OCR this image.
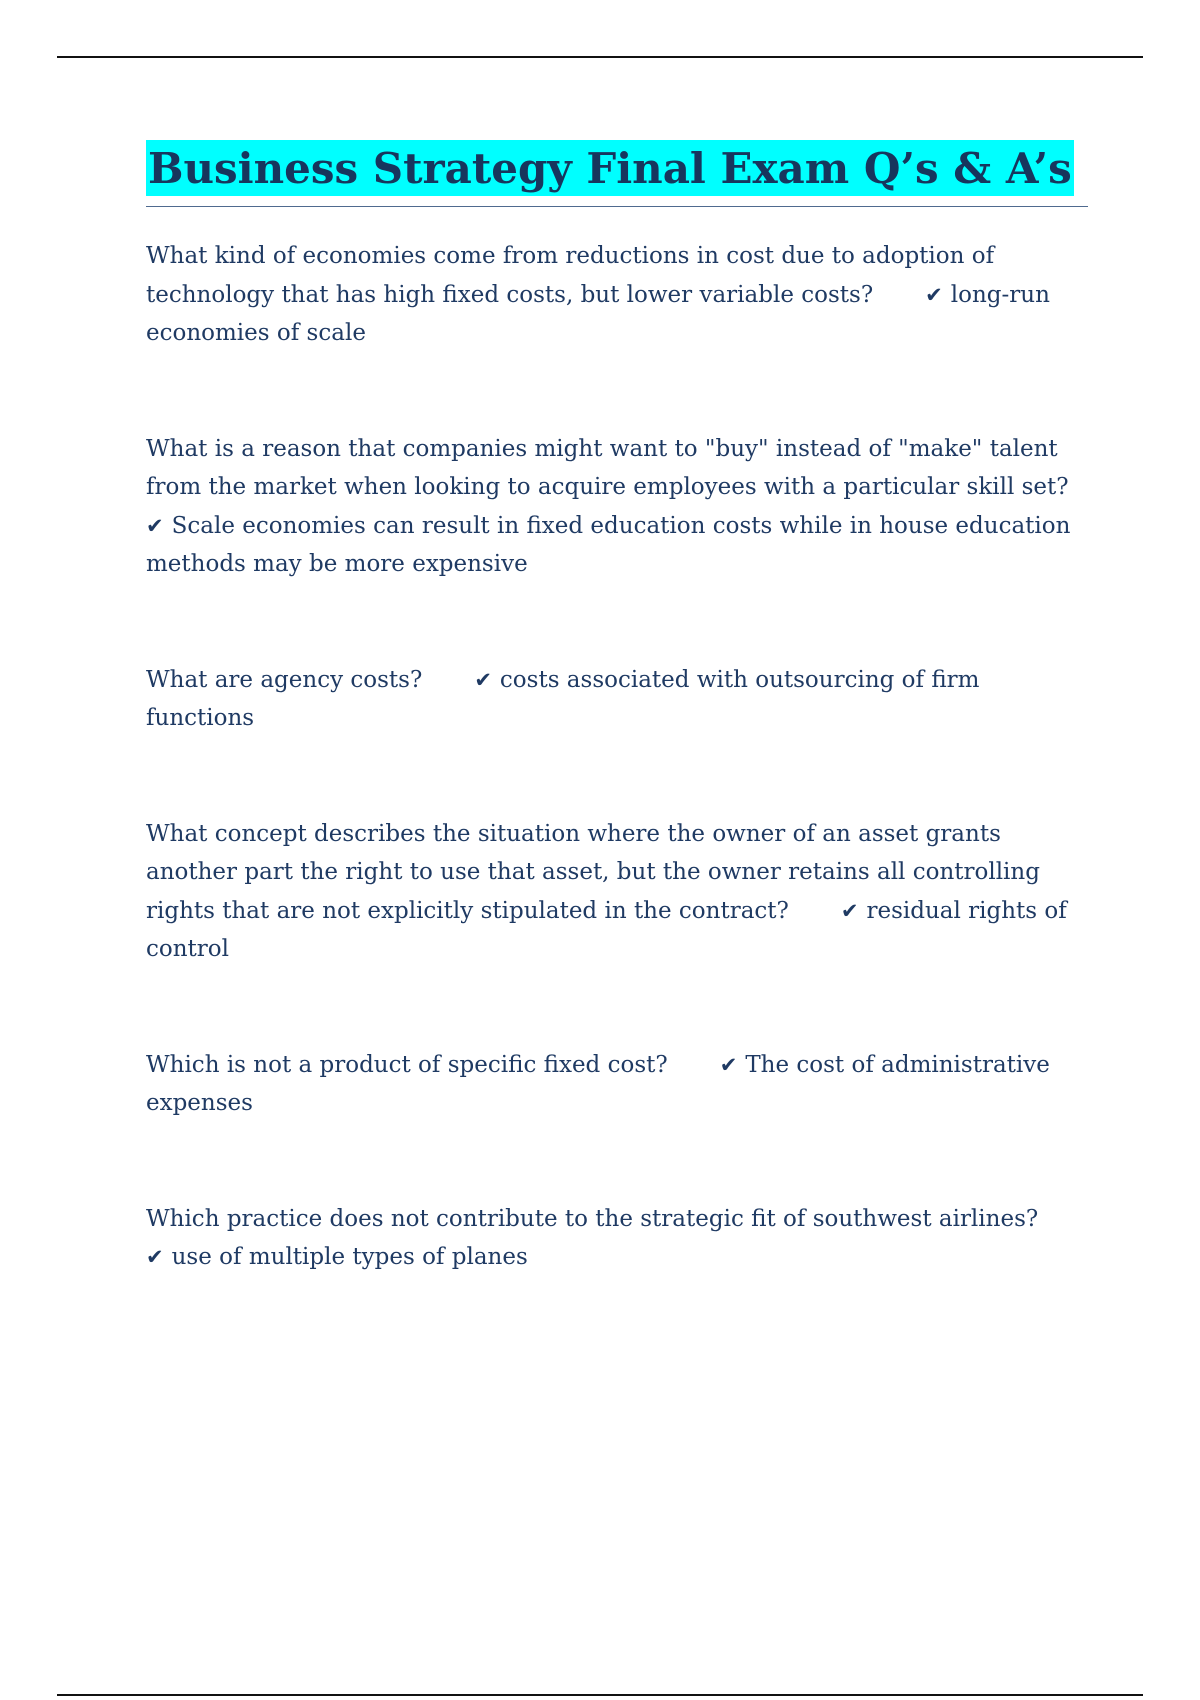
Business Strategy Final Exam Q’s & A’s

What kind of economies come from reductions in cost due to adoption of technology that has high fixed costs, but lower variable costs? ✔ long-run economies of scale

What is a reason that companies might want to "buy" instead of "make" talent from the market when looking to acquire employees with a particular skill set? ✔ Scale economies can result in fixed education costs while in house education methods may be more expensive

What are agency costs? ✔ costs associated with outsourcing of firm functions

What concept describes the situation where the owner of an asset grants another part the right to use that asset, but the owner retains all controlling rights that are not explicitly stipulated in the contract? ✔ residual rights of control

Which is not a product of specific fixed cost? ✔ The cost of administrative expenses

Which practice does not contribute to the strategic fit of southwest airlines? ✔ use of multiple types of planes
